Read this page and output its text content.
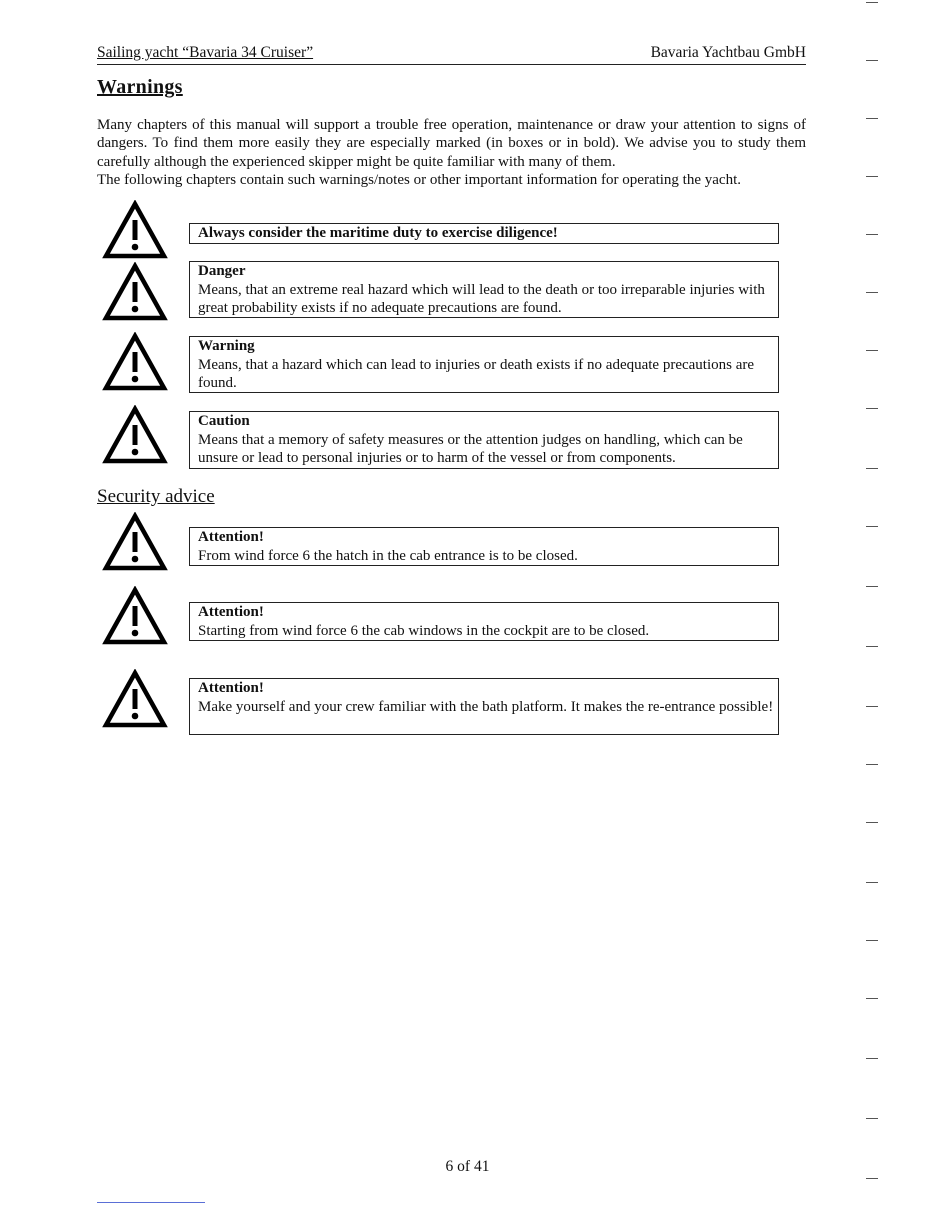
Sailing yacht “Bavaria 34 Cruiser”	Bavaria Yachtbau GmbH
Warnings

Many chapters of this manual will support a trouble free operation, maintenance or draw your attention to signs of dangers. To find them more easily they are especially marked (in boxes or in bold). We advise you to study them carefully although the experienced skipper might be quite familiar with many of them.

The following chapters contain such warnings/notes or other important information for operating the yacht.

Always consider the maritime duty to exercise diligence!
Danger
Means, that an extreme real hazard which will lead to the death or too irreparable injuries with great probability exists if no adequate precautions are found.
Warning
Means, that a hazard which can lead to injuries or death exists if no adequate precautions are found.
Caution
Means that a memory of safety measures or the attention judges on handling, which can be unsure or lead to personal injuries or to harm of the vessel or from components.
Security advice
Attention!
From wind force 6 the hatch in the cab entrance is to be closed.
Attention!
Starting from wind force 6 the cab windows in the cockpit are to be closed.
Attention!
Make yourself and your crew familiar with the bath platform. It makes the re-entrance possible!
6 of 41
